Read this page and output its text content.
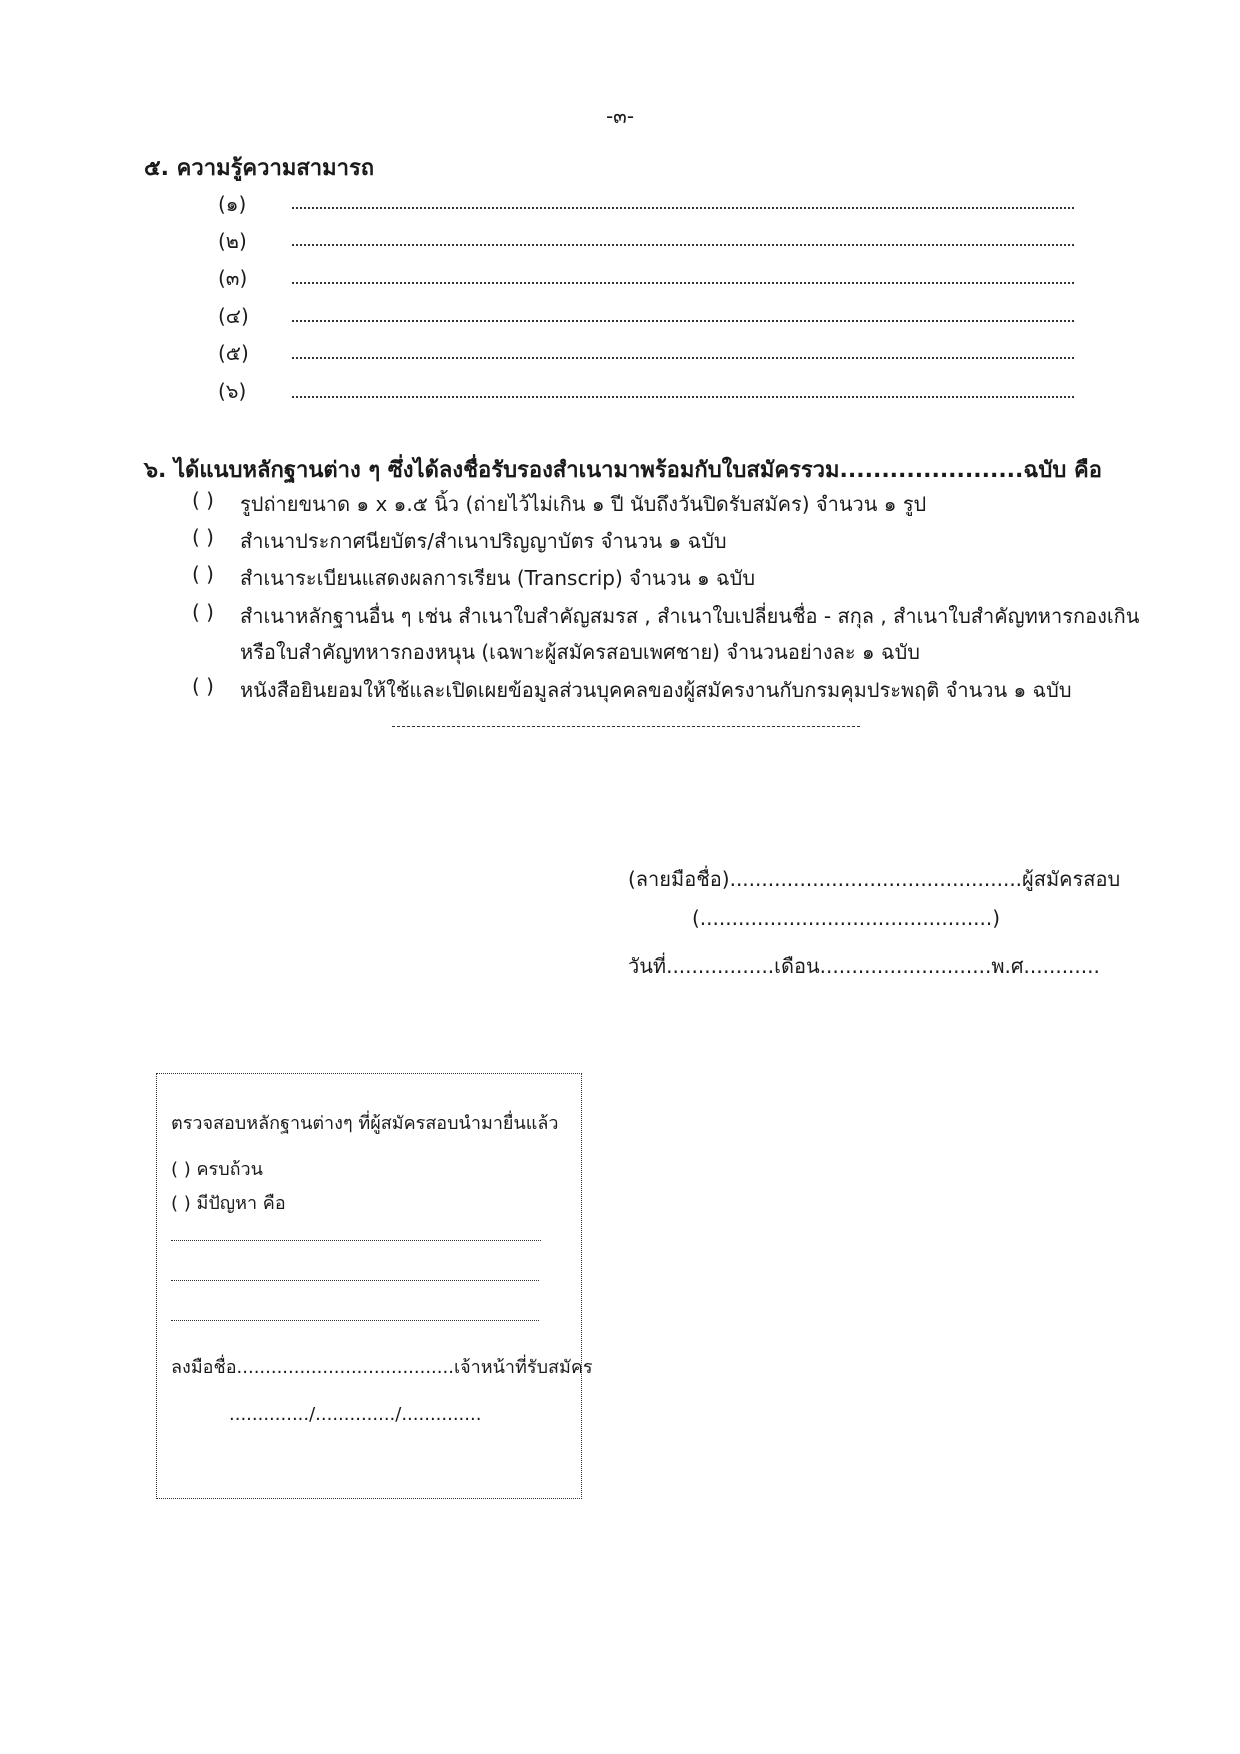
-๓-
๕. ความรู้ความสามารถ
(๑)
(๒)
(๓)
(๔)
(๕)
(๖)
๖. ได้แนบหลักฐานต่าง ๆ ซึ่งได้ลงชื่อรับรองสำเนามาพร้อมกับใบสมัครรวม......................ฉบับ คือ
( ) รูปถ่ายขนาด ๑ x ๑.๕ นิ้ว (ถ่ายไว้ไม่เกิน ๑ ปี นับถึงวันปิดรับสมัคร) จำนวน ๑ รูป
( ) สำเนาประกาศนียบัตร/สำเนาปริญญาบัตร จำนวน ๑ ฉบับ
( ) สำเนาระเบียนแสดงผลการเรียน (Transcrip) จำนวน ๑ ฉบับ
( ) สำเนาหลักฐานอื่น ๆ เช่น สำเนาใบสำคัญสมรส , สำเนาใบเปลี่ยนชื่อ - สกุล , สำเนาใบสำคัญทหารกองเกิน
หรือใบสำคัญทหารกองหนุน (เฉพาะผู้สมัครสอบเพศชาย) จำนวนอย่างละ ๑ ฉบับ
( ) หนังสือยินยอมให้ใช้และเปิดเผยข้อมูลส่วนบุคคลของผู้สมัครงานกับกรมคุมประพฤติ จำนวน ๑ ฉบับ
(ลายมือชื่อ)..............................................ผู้สมัครสอบ
(..............................................)
วันที่.................เดือน...........................พ.ศ............
ตรวจสอบหลักฐานต่างๆ ที่ผู้สมัครสอบนำมายื่นแล้ว
( ) ครบถ้วน
( ) มีปัญหา คือ
ลงมือชื่อ......................................เจ้าหน้าที่รับสมัคร
............../............../..............
